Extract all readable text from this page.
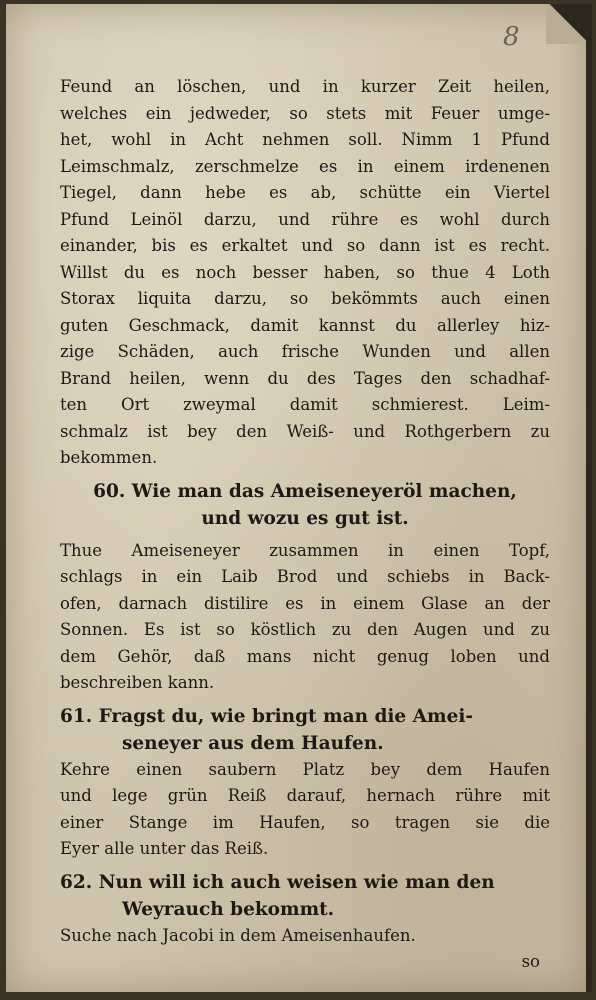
8
Feund an löschen, und in kurzer Zeit heilen,
welches ein jedweder, so stets mit Feuer umge-
het, wohl in Acht nehmen soll. Nimm 1 Pfund
Leimschmalz, zerschmelze es in einem irdenenen
Tiegel, dann hebe es ab, schütte ein Viertel
Pfund Leinöl darzu, und rühre es wohl durch
einander, bis es erkaltet und so dann ist es recht.
Willst du es noch besser haben, so thue 4 Loth
Storax liquita darzu, so bekömmts auch einen
guten Geschmack, damit kannst du allerley hiz-
zige Schäden, auch frische Wunden und allen
Brand heilen, wenn du des Tages den schadhaf-
ten Ort zweymal damit schmierest. Leim-
schmalz ist bey den Weiß- und Rothgerbern zu
bekommen.
60. Wie man das Ameiseneyeröl machen,
und wozu es gut ist.
Thue Ameiseneyer zusammen in einen Topf,
schlags in ein Laib Brod und schiebs in Back-
ofen, darnach distilire es in einem Glase an der
Sonnen. Es ist so köstlich zu den Augen und zu
dem Gehör, daß mans nicht genug loben und
beschreiben kann.
61. Fragst du, wie bringt man die Amei-
seneyer aus dem Haufen.
Kehre einen saubern Platz bey dem Haufen
und lege grün Reiß darauf, hernach rühre mit
einer Stange im Haufen, so tragen sie die
Eyer alle unter das Reiß.
62. Nun will ich auch weisen wie man den
Weyrauch bekommt.
Suche nach Jacobi in dem Ameisenhaufen.
so
